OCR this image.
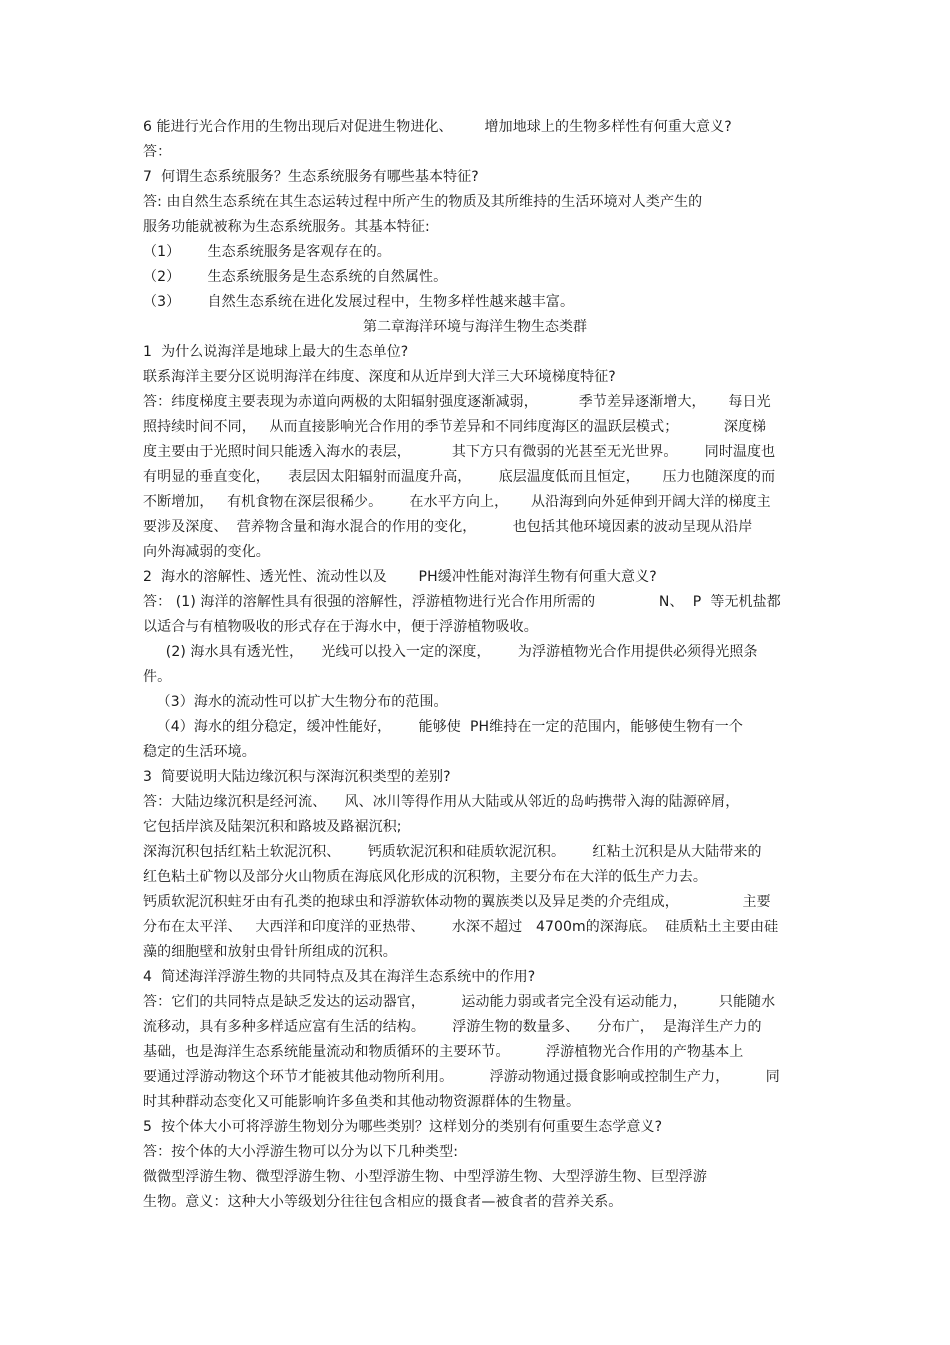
6 能进行光合作用的生物出现后对促进生物进化、       增加地球上的生物多样性有何重大意义?
答：
7  何谓生态系统服务？生态系统服务有哪些基本特征?
答: 由自然生态系统在其生态运转过程中所产生的物质及其所维持的生活环境对人类产生的
服务功能就被称为生态系统服务。其基本特征:
（1）      生态系统服务是客观存在的。
（2）      生态系统服务是生态系统的自然属性。
（3）      自然生态系统在进化发展过程中，生物多样性越来越丰富。
第二章海洋环境与海洋生物生态类群
1  为什么说海洋是地球上最大的生态单位?
联系海洋主要分区说明海洋在纬度、深度和从近岸到大洋三大环境梯度特征?
答：纬度梯度主要表现为赤道向两极的太阳辐射强度逐渐减弱，         季节差异逐渐增大，     每日光
照持续时间不同，   从而直接影响光合作用的季节差异和不同纬度海区的温跃层模式；          深度梯
度主要由于光照时间只能透入海水的表层，         其下方只有微弱的光甚至无光世界。      同时温度也
有明显的垂直变化，    表层因太阳辐射而温度升高，      底层温度低而且恒定，     压力也随深度的而
不断增加，   有机食物在深层很稀少。      在水平方向上，     从沿海到向外延伸到开阔大洋的梯度主
要涉及深度、  营养物含量和海水混合的作用的变化，        也包括其他环境因素的波动呈现从沿岸
向外海减弱的变化。
2  海水的溶解性、透光性、流动性以及       PH缓冲性能对海洋生物有何重大意义?
答： (1) 海洋的溶解性具有很强的溶解性，浮游植物进行光合作用所需的              N、  P  等无机盐都
以适合与有植物吸收的形式存在于海水中，便于浮游植物吸收。
(2) 海水具有透光性，    光线可以投入一定的深度，      为浮游植物光合作用提供必须得光照条
件。
（3）海水的流动性可以扩大生物分布的范围。
（4）海水的组分稳定，缓冲性能好，      能够使  PH维持在一定的范围内，能够使生物有一个
稳定的生活环境。
3  简要说明大陆边缘沉积与深海沉积类型的差别?
答：大陆边缘沉积是经河流、    风、冰川等得作用从大陆或从邻近的岛屿携带入海的陆源碎屑，
它包括岸滨及陆架沉积和路坡及路裾沉积;
深海沉积包括红粘土软泥沉积、      钙质软泥沉积和硅质软泥沉积。      红粘土沉积是从大陆带来的
红色粘土矿物以及部分火山物质在海底风化形成的沉积物，主要分布在大洋的低生产力去。
钙质软泥沉积蛀牙由有孔类的抱球虫和浮游软体动物的翼族类以及异足类的介壳组成，              主要
分布在太平洋、   大西洋和印度洋的亚热带、      水深不超过   4700m的深海底。  硅质粘土主要由硅
藻的细胞壁和放射虫骨针所组成的沉积。
4  简述海洋浮游生物的共同特点及其在海洋生态系统中的作用?
答：它们的共同特点是缺乏发达的运动器官，        运动能力弱或者完全没有运动能力，       只能随水
流移动，具有多种多样适应富有生活的结构。      浮游生物的数量多、    分布广，  是海洋生产力的
基础，也是海洋生态系统能量流动和物质循环的主要环节。        浮游植物光合作用的产物基本上
要通过浮游动物这个环节才能被其他动物所利用。        浮游动物通过摄食影响或控制生产力，        同
时其种群动态变化又可能影响许多鱼类和其他动物资源群体的生物量。
5  按个体大小可将浮游生物划分为哪些类别？这样划分的类别有何重要生态学意义?
答：按个体的大小浮游生物可以分为以下几种类型:
微微型浮游生物、微型浮游生物、小型浮游生物、中型浮游生物、大型浮游生物、巨型浮游
生物。意义：这种大小等级划分往往包含相应的摄食者—被食者的营养关系。
